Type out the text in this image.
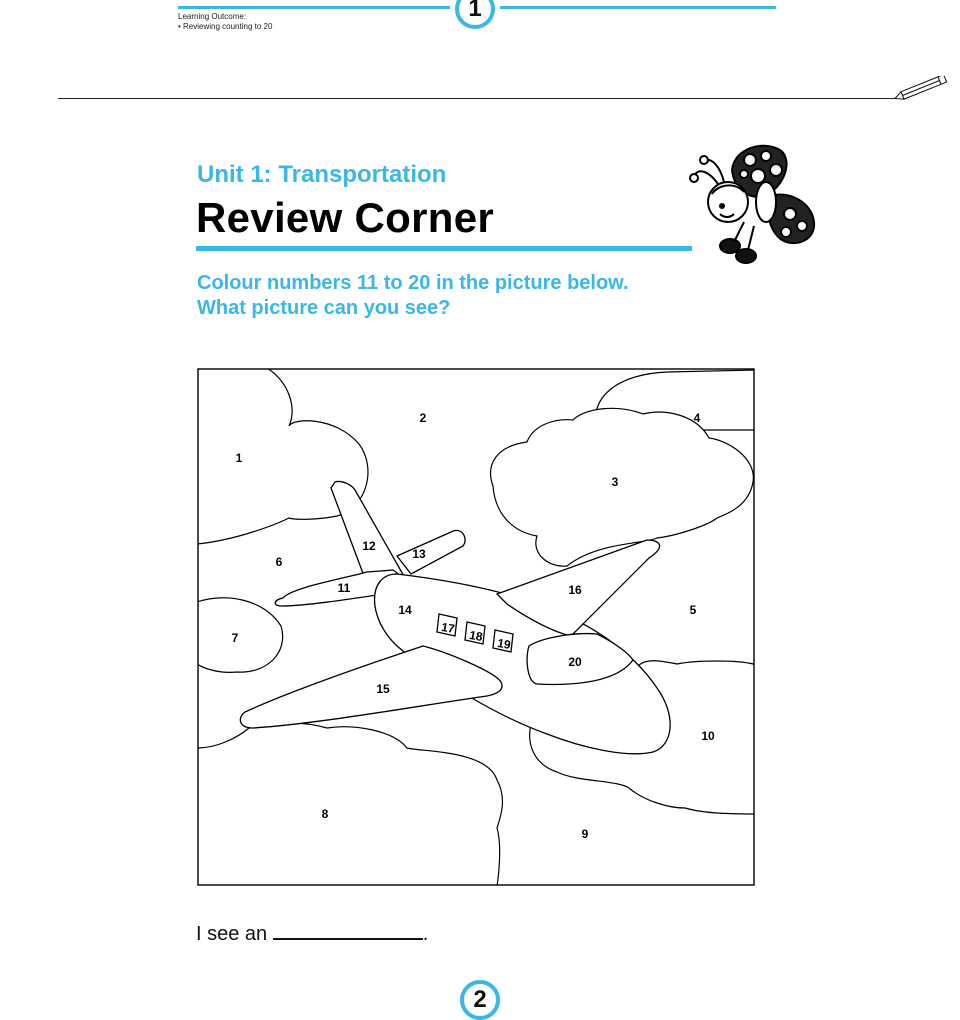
1
Learning Outcome:
• Reviewing counting to 20
Unit 1: Transportation
Review Corner
Colour numbers 11 to 20 in the picture below.
What picture can you see?
1
2
3
4
5
6
7
8
9
10
11
12
13
14
15
16
17 18 19
20
I see an	.
2
